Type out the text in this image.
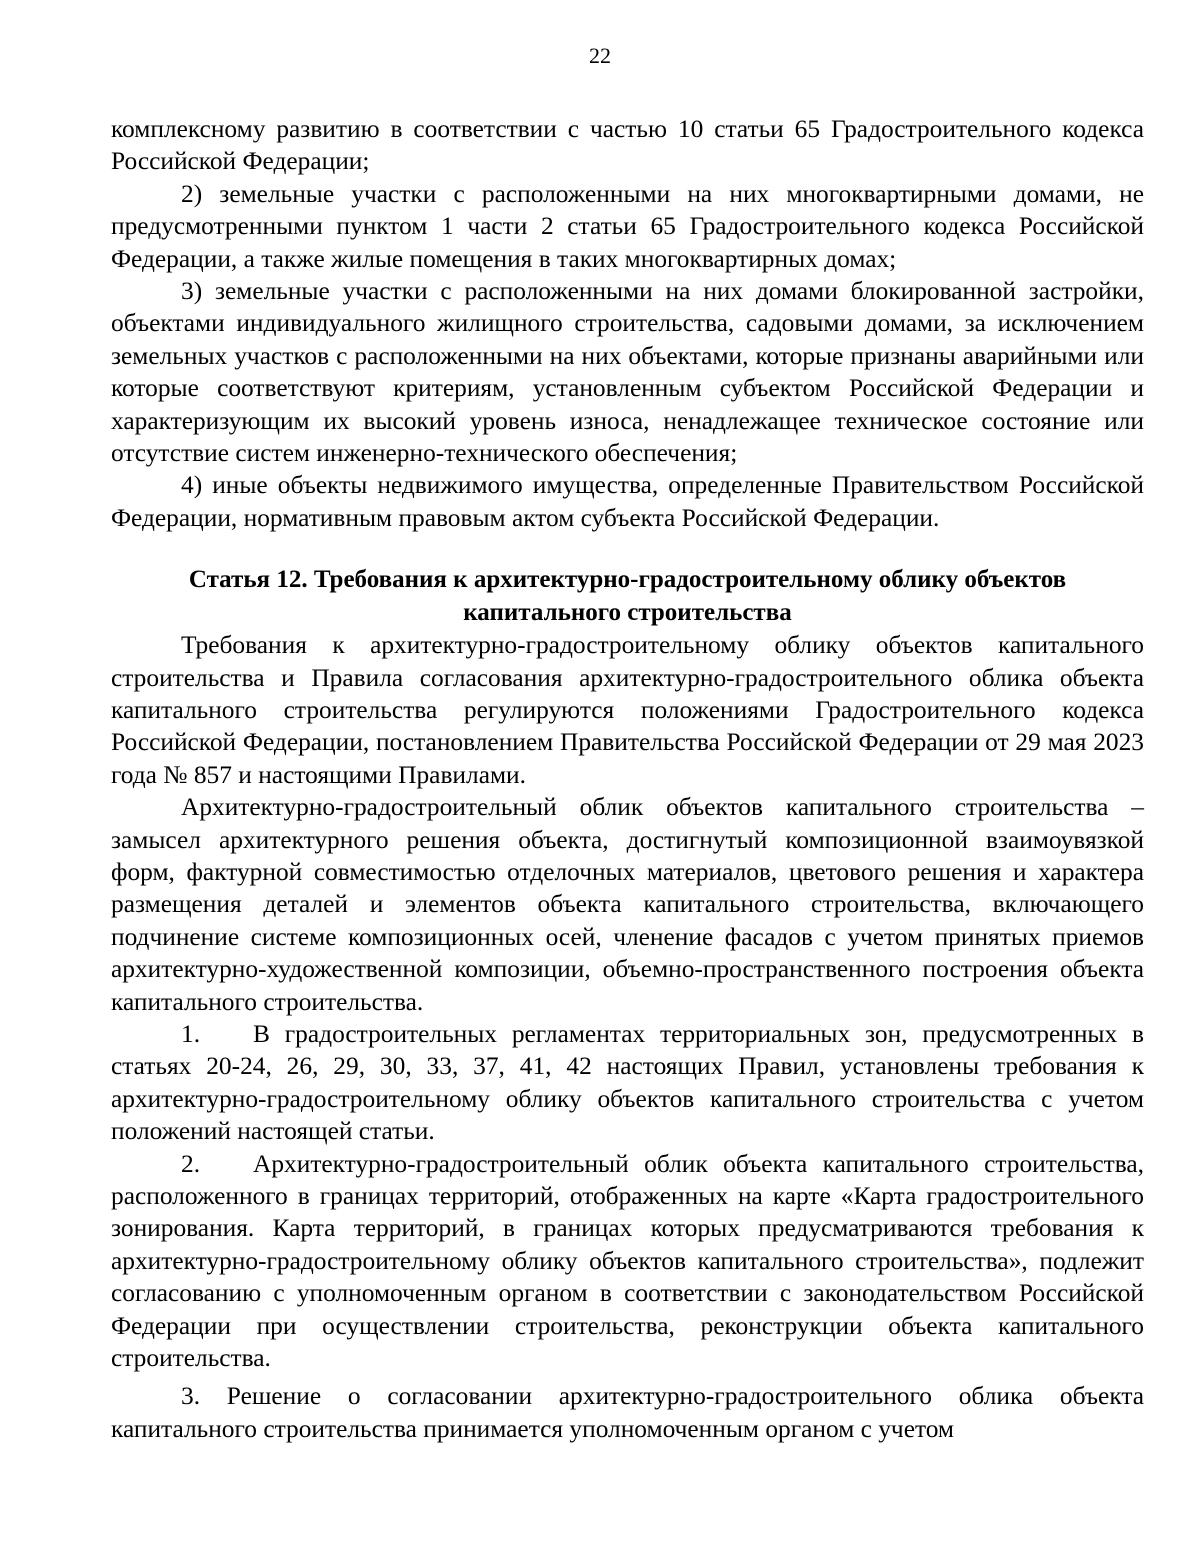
22

комплексному развитию в соответствии с частью 10 статьи 65 Градостроительного кодекса Российской Федерации;

2) земельные участки с расположенными на них многоквартирными домами, не предусмотренными пунктом 1 части 2 статьи 65 Градостроительного кодекса Российской Федерации, а также жилые помещения в таких многоквартирных домах;

3) земельные участки с расположенными на них домами блокированной застройки, объектами индивидуального жилищного строительства, садовыми домами, за исключением земельных участков с расположенными на них объектами, которые признаны аварийными или которые соответствуют критериям, установленным субъектом Российской Федерации и характеризующим их высокий уровень износа, ненадлежащее техническое состояние или отсутствие систем инженерно-технического обеспечения;

4) иные объекты недвижимого имущества, определенные Правительством Российской Федерации, нормативным правовым актом субъекта Российской Федерации.

Статья 12. Требования к архитектурно-градостроительному облику объектов капитального строительства

Требования к архитектурно-градостроительному облику объектов капитального строительства и Правила согласования архитектурно-градостроительного облика объекта капитального строительства регулируются положениями Градостроительного кодекса Российской Федерации, постановлением Правительства Российской Федерации от 29 мая 2023 года № 857 и настоящими Правилами.

Архитектурно-градостроительный облик объектов капитального строительства – замысел архитектурного решения объекта, достигнутый композиционной взаимоувязкой форм, фактурной совместимостью отделочных материалов, цветового решения и характера размещения деталей и элементов объекта капитального строительства, включающего подчинение системе композиционных осей, членение фасадов с учетом принятых приемов архитектурно-художественной композиции, объемно-пространственного построения объекта капитального строительства.

1. В градостроительных регламентах территориальных зон, предусмотренных в статьях 20-24, 26, 29, 30, 33, 37, 41, 42 настоящих Правил, установлены требования к архитектурно-градостроительному облику объектов капитального строительства с учетом положений настоящей статьи.

2. Архитектурно-градостроительный облик объекта капитального строительства, расположенного в границах территорий, отображенных на карте «Карта градостроительного зонирования. Карта территорий, в границах которых предусматриваются требования к архитектурно-градостроительному облику объектов капитального строительства», подлежит согласованию с уполномоченным органом в соответствии с законодательством Российской Федерации при осуществлении строительства, реконструкции объекта капитального строительства.

3. Решение о согласовании архитектурно-градостроительного облика объекта капитального строительства принимается уполномоченным органом с учетом
